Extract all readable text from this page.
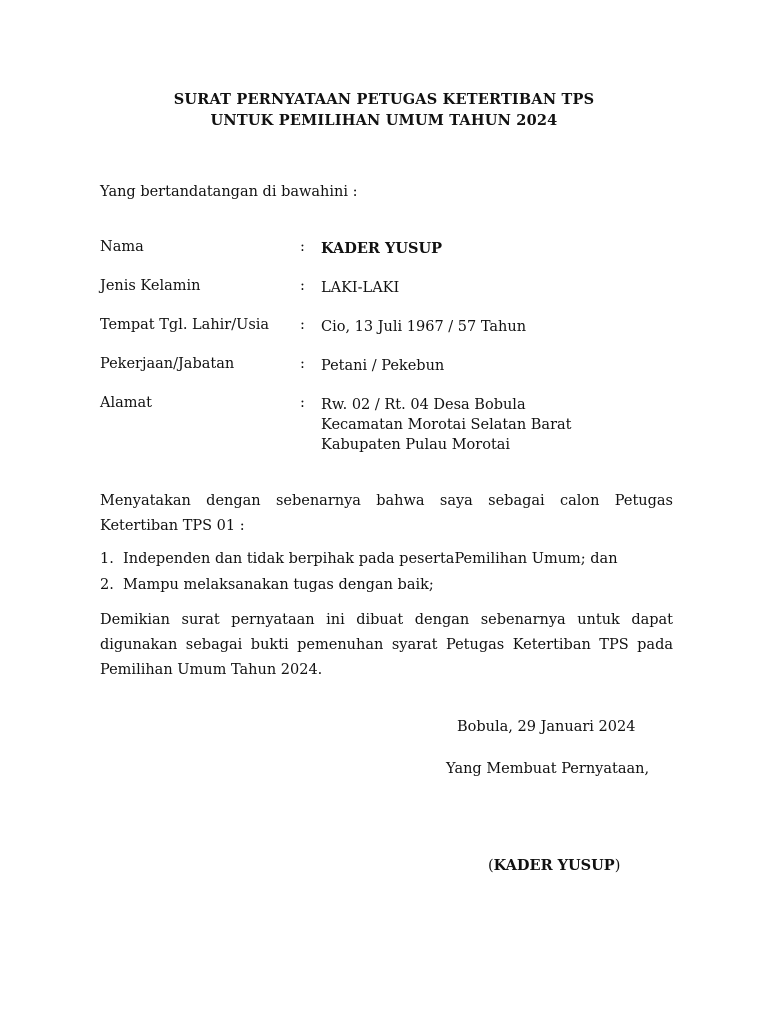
SURAT PERNYATAAN PETUGAS KETERTIBAN TPS
UNTUK PEMILIHAN UMUM TAHUN 2024
Yang bertandatangan di bawahini :
Nama	: KADER YUSUP
Jenis Kelamin	: LAKI-LAKI
Tempat Tgl. Lahir/Usia : Cio, 13 Juli 1967 / 57 Tahun
Pekerjaan/Jabatan	: Petani / Pekebun
Alamat	: Rw. 02 / Rt. 04 Desa Bobula
Kecamatan Morotai Selatan Barat
Kabupaten Pulau Morotai
Menyatakan dengan sebenarnya bahwa saya sebagai calon Petugas Ketertiban TPS 01 :
1. Independen dan tidak berpihak pada pesertaPemilihan Umum; dan
2. Mampu melaksanakan tugas dengan baik;
Demikian surat pernyataan ini dibuat dengan sebenarnya untuk dapat digunakan sebagai bukti pemenuhan syarat Petugas Ketertiban TPS pada Pemilihan Umum Tahun 2024.
Bobula, 29 Januari 2024
Yang Membuat Pernyataan,
(KADER YUSUP)
